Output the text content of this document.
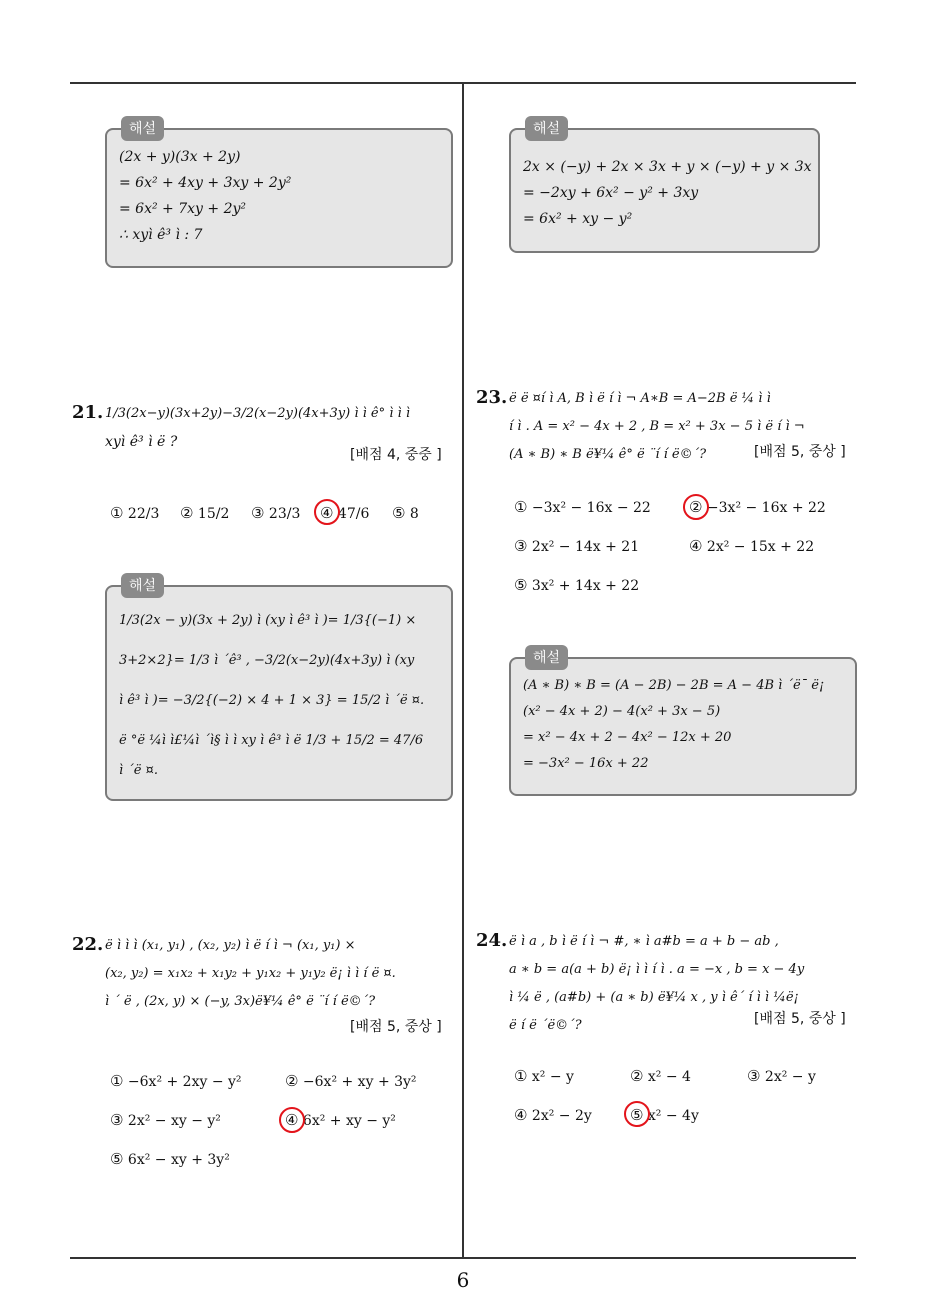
해설
(2x + y)(3x + 2y)
= 6x² + 4xy + 3xy + 2y²
= 6x² + 7xy + 2y²
∴ xyì ê³ ì : 7
해설
2x × (−y) + 2x × 3x + y × (−y) + y × 3x
= −2xy + 6x² − y² + 3xy
= 6x² + xy − y²
21. 1/3(2x−y)(3x+2y)−3/2(x−2y)(4x+3y) ì ì ê° ì ì ì
xyì ê³ ì ë ?
[배점 4, 중중 ]
① 22/3 ② 15/2 ③ 23/3 ④ 47/6 ⑤ 8
해설
1/3(2x − y)(3x + 2y) ì (xy ì ê³ ì )= 1/3{(−1) ×
3+2×2}= 1/3 ì ´ê³ , −3/2(x−2y)(4x+3y) ì (xy
ì ê³ ì )= −3/2{(−2) × 4 + 1 × 3} = 15/2 ì ´ë ¤.
ë °ë ¼ì ì£¼ì ´ì§ ì ì xy ì ê³ ì ë 1/3 + 15/2 = 47/6
ì ´ë ¤.
22. ë ì ì ì (x₁, y₁) , (x₂, y₂) ì ë í ì ¬ (x₁, y₁) ×
(x₂, y₂) = x₁x₂ + x₁y₂ + y₁x₂ + y₁y₂ ë¡ ì ì í ë ¤.
ì ´ ë , (2x, y) × (−y, 3x)ë¥¼ ê° ë ¨í í ë©´?
[배점 5, 중상 ]
① −6x² + 2xy − y²	② −6x² + xy + 3y²
③ 2x² − xy − y²	④ 6x² + xy − y²
⑤ 6x² − xy + 3y²
23. ë ë ¤í ì A, B ì ë í ì ¬ A∗B = A−2B ë ¼ ì ì
í ì . A = x² − 4x + 2 , B = x² + 3x − 5 ì ë í ì ¬
(A ∗ B) ∗ B ë¥¼ ê° ë ¨í í ë©´?	[배점 5, 중상 ]
① −3x² − 16x − 22	② −3x² − 16x + 22
③ 2x² − 14x + 21	④ 2x² − 15x + 22
⑤ 3x² + 14x + 22
해설
(A ∗ B) ∗ B = (A − 2B) − 2B = A − 4B ì ´ë¯ ë¡
(x² − 4x + 2) − 4(x² + 3x − 5)
= x² − 4x + 2 − 4x² − 12x + 20
= −3x² − 16x + 22
24. ë ì a , b ì ë í ì ¬ #, ∗ ì a#b = a + b − ab ,
a ∗ b = a(a + b) ë¡ ì ì í ì . a = −x , b = x − 4y
ì ¼ ë , (a#b) + (a ∗ b) ë¥¼ x , y ì ê´ í ì ì ¼ë¡
ë í ë ´ë©´?	[배점 5, 중상 ]
① x² − y	② x² − 4	③ 2x² − y
④ 2x² − 2y	⑤ x² − 4y
6
